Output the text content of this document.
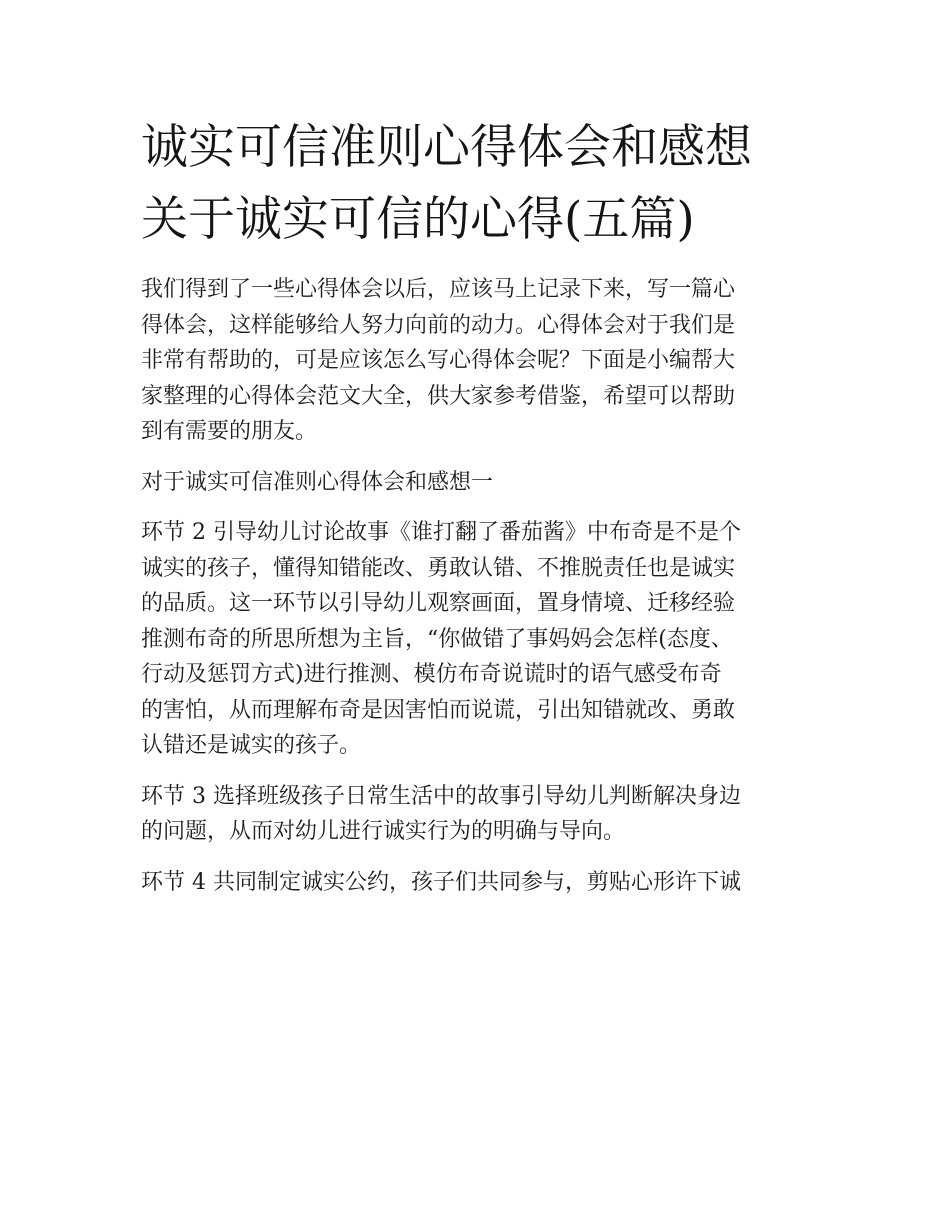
诚实可信准则心得体会和感想
关于诚实可信的心得(五篇)

我们得到了一些心得体会以后，应该马上记录下来，写一篇心
得体会，这样能够给人努力向前的动力。心得体会对于我们是
非常有帮助的，可是应该怎么写心得体会呢？下面是小编帮大
家整理的心得体会范文大全，供大家参考借鉴，希望可以帮助
到有需要的朋友。

对于诚实可信准则心得体会和感想一

环节 2 引导幼儿讨论故事《谁打翻了番茄酱》中布奇是不是个
诚实的孩子，懂得知错能改、勇敢认错、不推脱责任也是诚实
的品质。这一环节以引导幼儿观察画面，置身情境、迁移经验
推测布奇的所思所想为主旨，“你做错了事妈妈会怎样(态度、
行动及惩罚方式)进行推测、模仿布奇说谎时的语气感受布奇
的害怕，从而理解布奇是因害怕而说谎，引出知错就改、勇敢
认错还是诚实的孩子。

环节 3 选择班级孩子日常生活中的故事引导幼儿判断解决身边
的问题，从而对幼儿进行诚实行为的明确与导向。

环节 4 共同制定诚实公约，孩子们共同参与，剪贴心形许下诚
